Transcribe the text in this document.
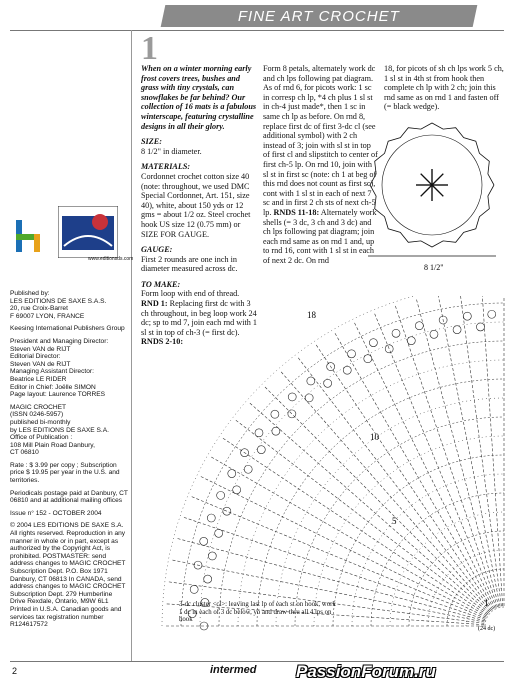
FINE ART CROCHET
www.editionsds.com

Published by:
LES EDITIONS DE SAXE S.A.S.
20, rue Croix-Barret
F 69007 LYON, FRANCE

Keesing International Publishers Group

President and Managing Director:
Steven VAN de RIJT
Editorial Director:
Steven VAN de RIJT
Managing Assistant Director:
Beatrice LE RIDER
Editor in Chief: Joëlle SIMON
Page layout: Laurence TORRES

MAGIC CROCHET
(ISSN 0246-5957)
published bi-monthly
by LES EDITIONS DE SAXE S.A.
Office of Publication :
108 Mill Plain Road Danbury,
CT 06810

Rate : $ 3.99 per copy ; Subscription price $ 19.95 per year in the U.S. and territories.

Periodicals postage paid at Danbury, CT 06810 and at additional mailing offices

Issue n° 152 - OCTOBER 2004

© 2004 LES EDITIONS DE SAXE S.A. All rights reserved. Reproduction in any manner in whole or in part, except as authorized by the Copyright Act, is prohibited. POSTMASTER: send address changes to MAGIC CROCHET Subscription Dept. P.O. Box 1971 Danbury, CT 06813 In CANADA, send address changes to MAGIC CROCHET Subscription Dept. 279 Humberline Drive Rexdale, Ontario, M9W 6L1 Printed in U.S.A. Canadian goods and services tax registration number R124617572

1

When on a winter morning early frost covers trees, bushes and grass with tiny crystals, can snowflakes be far behind? Our collection of 16 mats is a fabulous winterscape, featuring crystalline designs in all their glory.

SIZE:
8 1/2" in diameter.

MATERIALS:
Cordonnet crochet cotton size 40 (note: throughout, we used DMC Special Cordonnet, Art. 151, size 40), white, about 150 yds or 12 gms = about 1/2 oz. Steel crochet hook US size 12 (0.75 mm) or SIZE FOR GAUGE.

GAUGE:
First 2 rounds are one inch in diameter measured across dc.

TO MAKE:
Form loop with end of thread.
RND 1: Replacing first dc with 3 ch throughout, in beg loop work 24 dc; sp to md 7, join each rnd with 1 sl st in top of ch-3 (= first dc).
RNDS 2-10:

Form 8 petals, alternately work dc and ch lps following pat diagram. As of rnd 6, for picots work: 1 sc in corresp ch lp, *4 ch plus 1 sl st in ch-4 just made*, then 1 sc in same ch lp as before. On rnd 8, replace first dc of first 3-dc cl (see additional symbol) with 2 ch instead of 3; join with sl st in top of first cl and slipstitch to center of first ch-5 lp. On rnd 10, join with sl st in first sc (note: ch 1 at beg of this rnd does not count as first sc), cont with 1 sl st in each of next 7 sc and in first 2 ch sts of next ch-5 lp. RNDS 11-18: Alternately work shells (= 3 dc, 3 ch and 3 dc) and ch lps following pat diagram; join each rnd same as on rnd 1 and, up to rnd 16, cont with 1 sl st in each of next 2 dc. On rnd
18, for picots of sh ch lps work 5 ch, 1 sl st in 4th st from hook then complete ch lp with 2 ch; join this rnd same as on rnd 1 and fasten off (= black wedge).
8 1/2"
18
10
5
1
(24 dc)
3-dc cluster <cl>: leaving last lp of each st on hook, work 1 dc in each of 3 dc below, yo and draw thru all 4 lps on hook
2	intermed PassionForum.ru
